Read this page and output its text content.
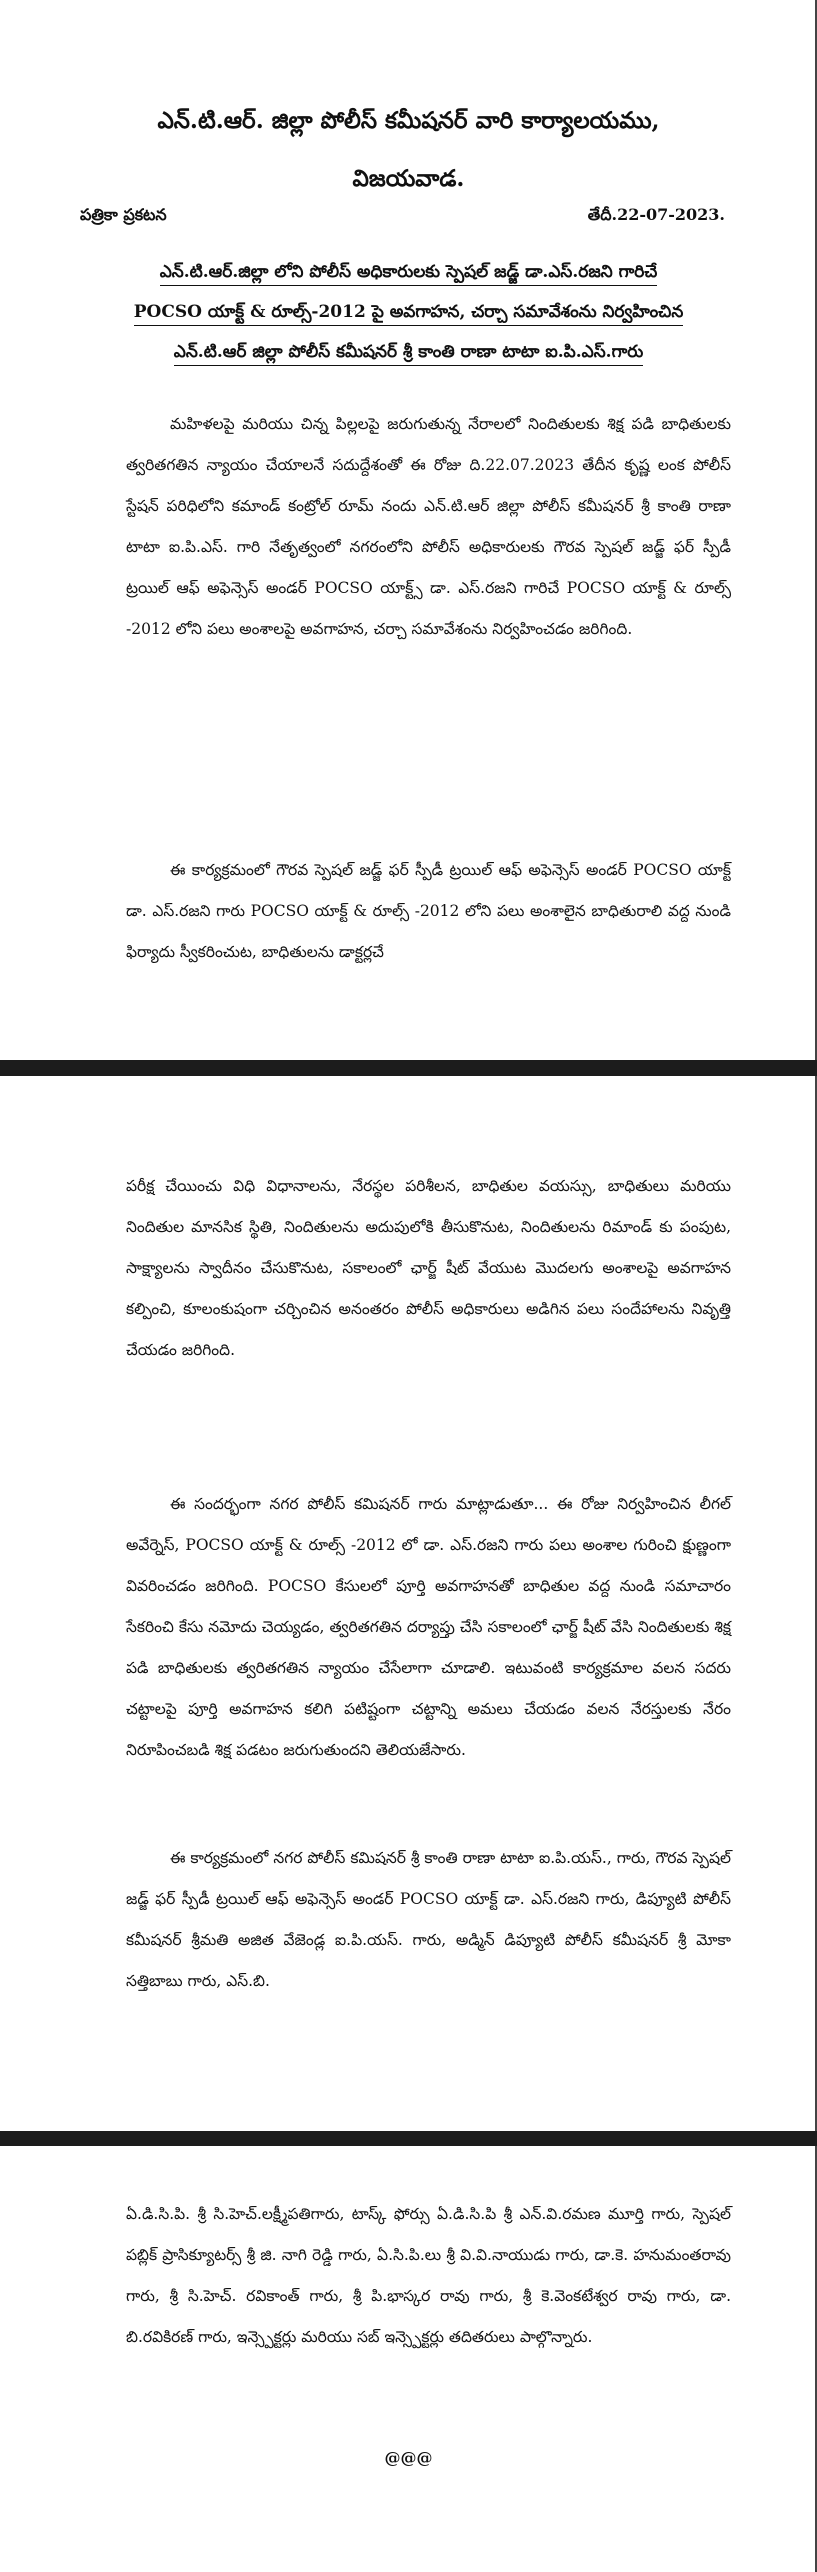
ఎన్.టి.ఆర్. జిల్లా పోలీస్ కమీషనర్ వారి కార్యాలయము,
విజయవాడ.
పత్రికా ప్రకటన	తేదీ.22-07-2023.
ఎన్.టి.ఆర్.జిల్లా లోని పోలీస్ అధికారులకు స్పెషల్ జడ్జ్ డా.ఎస్.రజని గారిచే
POCSO యాక్ట్ & రూల్స్-2012 పై అవగాహన, చర్చా సమావేశంను నిర్వహించిన
ఎన్.టి.ఆర్ జిల్లా పోలీస్ కమీషనర్ శ్రీ కాంతి రాణా టాటా ఐ.పి.ఎస్.గారు

మహిళలపై మరియు చిన్న పిల్లలపై జరుగుతున్న నేరాలలో నిందితులకు శిక్ష పడి బాధితులకు త్వరితగతిన న్యాయం చేయాలనే సదుద్దేశంతో ఈ రోజు ది.22.07.2023 తేదీన కృష్ణ లంక పోలీస్ స్టేషన్ పరిధిలోని కమాండ్ కంట్రోల్ రూమ్ నందు ఎన్.టి.ఆర్ జిల్లా పోలీస్ కమీషనర్ శ్రీ కాంతి రాణా టాటా ఐ.పి.ఎస్. గారి నేతృత్వంలో నగరంలోని పోలీస్ అధికారులకు గౌరవ స్పెషల్ జడ్జ్ ఫర్ స్పీడీ ట్రయిల్ ఆఫ్ అఫెన్సెస్ అండర్ POCSO యాక్ట్స్ డా. ఎస్.రజని గారిచే POCSO యాక్ట్ & రూల్స్ -2012 లోని పలు అంశాలపై అవగాహన, చర్చా సమావేశంను నిర్వహించడం జరిగింది.

ఈ కార్యక్రమంలో గౌరవ స్పెషల్ జడ్జ్ ఫర్ స్పీడీ ట్రయిల్ ఆఫ్ అఫెన్సెస్ అండర్ POCSO యాక్ట్ డా. ఎస్.రజని గారు POCSO యాక్ట్ & రూల్స్ -2012 లోని పలు అంశాలైన బాధితురాలి వద్ద నుండి ఫిర్యాదు స్వీకరించుట, బాధితులను డాక్టర్లచే

పరీక్ష చేయించు విధి విధానాలను, నేరస్థల పరిశీలన, బాధితుల వయస్సు, బాధితులు మరియు నిందితుల మానసిక స్థితి, నిందితులను అదుపులోకి తీసుకొనుట, నిందితులను రిమాండ్ కు పంపుట, సాక్ష్యాలను స్వాదీనం చేసుకొనుట, సకాలంలో ఛార్జ్ షీట్ వేయుట మొదలగు అంశాలపై అవగాహన కల్పించి, కూలంకుషంగా చర్చించిన అనంతరం పోలీస్ అధికారులు అడిగిన పలు సందేహాలను నివృత్తి చేయడం జరిగింది.

ఈ సందర్భంగా నగర పోలీస్ కమిషనర్ గారు మాట్లాడుతూ... ఈ రోజు నిర్వహించిన లీగల్ అవేర్నెస్, POCSO యాక్ట్ & రూల్స్ -2012 లో డా. ఎస్.రజని గారు పలు అంశాల గురించి క్షుణ్ణంగా వివరించడం జరిగింది. POCSO కేసులలో పూర్తి అవగాహనతో బాధితుల వద్ద నుండి సమాచారం సేకరించి కేసు నమోదు చెయ్యడం, త్వరితగతిన దర్యాప్తు చేసి సకాలంలో ఛార్జ్ షీట్ వేసి నిందితులకు శిక్ష పడి బాధితులకు త్వరితగతిన న్యాయం చేసేలాగా చూడాలి. ఇటువంటి కార్యక్రమాల వలన సదరు చట్టాలపై పూర్తి అవగాహన కలిగి పటిష్టంగా చట్టాన్ని అమలు చేయడం వలన నేరస్తులకు నేరం నిరూపించబడి శిక్ష పడటం జరుగుతుందని తెలియజేసారు.

ఈ కార్యక్రమంలో నగర పోలీస్ కమిషనర్ శ్రీ కాంతి రాణా టాటా ఐ.పి.యస్., గారు, గౌరవ స్పెషల్ జడ్జ్ ఫర్ స్పీడీ ట్రయిల్ ఆఫ్ అఫెన్సెస్ అండర్ POCSO యాక్ట్ డా. ఎస్.రజని గారు, డిప్యూటి పోలీస్ కమీషనర్ శ్రీమతి అజిత వేజెండ్ల ఐ.పి.యస్. గారు, అడ్మిన్ డిప్యూటి పోలీస్ కమీషనర్ శ్రీ మోకా సత్తిబాబు గారు, ఎస్.బి.

ఏ.డి.సి.పి. శ్రీ సి.హెచ్.లక్ష్మీపతిగారు, టాస్క్ ఫోర్సు ఏ.డి.సి.పి శ్రీ ఎన్.వి.రమణ మూర్తి గారు, స్పెషల్ పబ్లిక్ ప్రాసిక్యూటర్స్ శ్రీ జి. నాగి రెడ్డి గారు, ఏ.సి.పి.లు శ్రీ వి.వి.నాయుడు గారు, డా.కె. హనుమంతరావు గారు, శ్రీ సి.హెచ్. రవికాంత్ గారు, శ్రీ పి.భాస్కర రావు గారు, శ్రీ కె.వెంకటేశ్వర రావు గారు, డా. బి.రవికిరణ్ గారు, ఇన్స్పెక్టర్లు మరియు సబ్ ఇన్స్పెక్టర్లు తదితరులు పాల్గొన్నారు.

@@@
